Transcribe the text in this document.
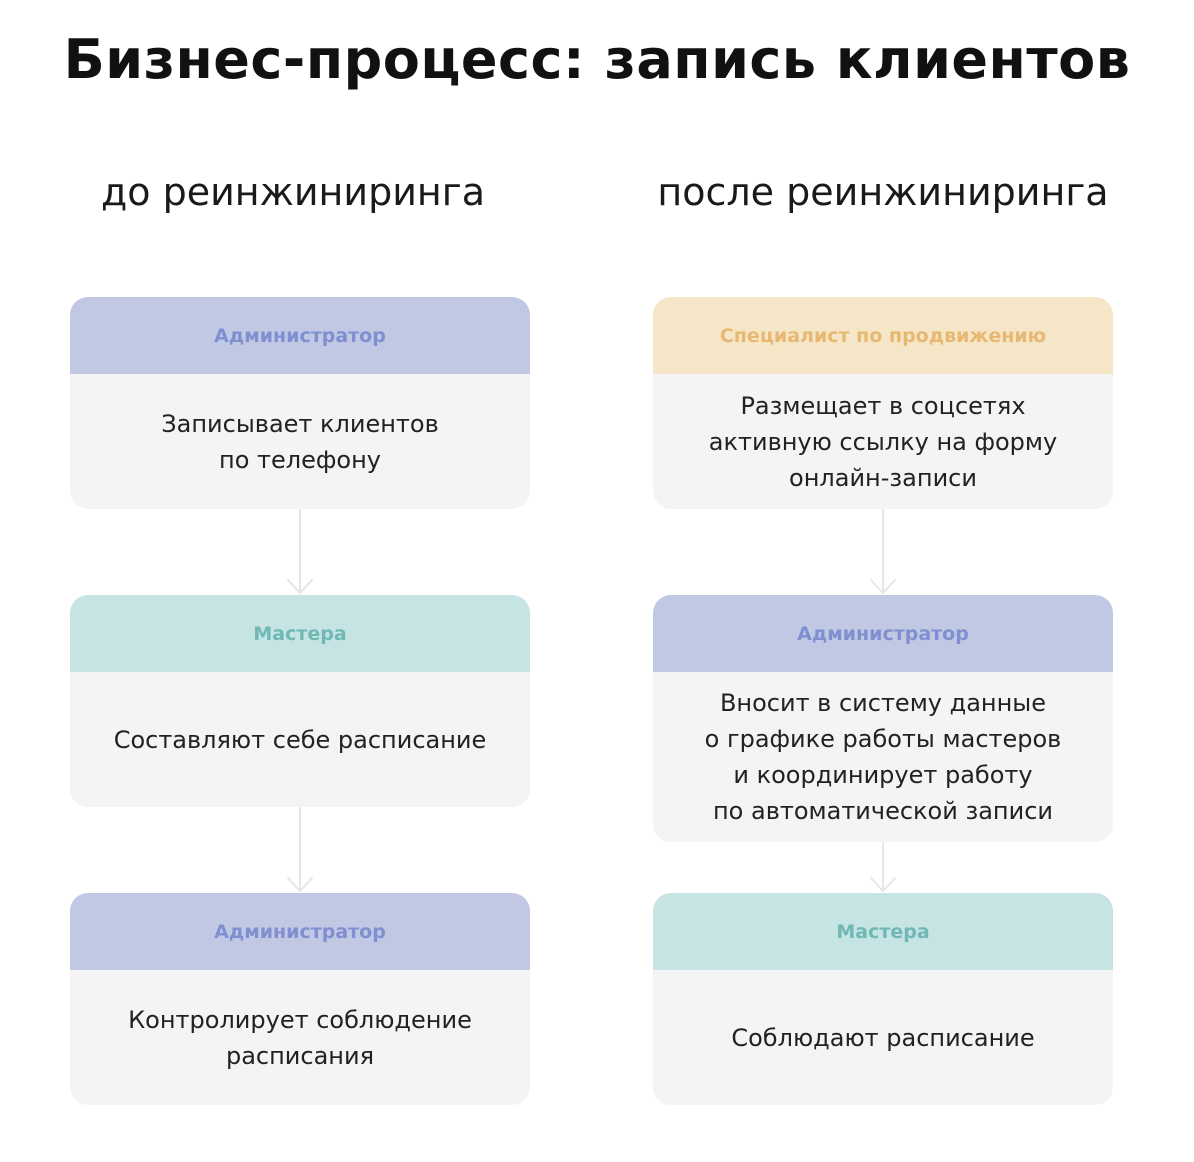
Бизнес-процесс: запись клиентов
до реинжиниринга	после реинжиниринга
Администратор
Записывает клиентов
по телефону
Мастера
Составляют себе расписание
Администратор
Контролирует соблюдение
расписания
Специалист по продвижению
Размещает в соцсетях
активную ссылку на форму
онлайн-записи
Администратор
Вносит в систему данные
о графике работы мастеров
и координирует работу
по автоматической записи
Мастера
Соблюдают расписание
